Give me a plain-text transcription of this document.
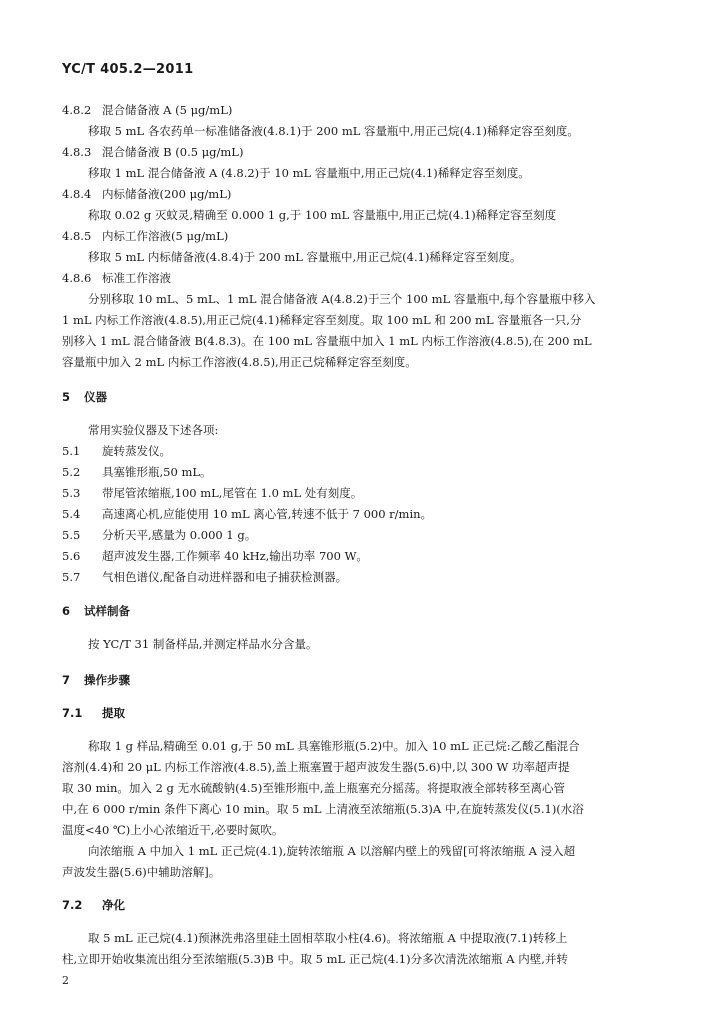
YC/T 405.2—2011
4.8.2 混合储备液 A (5 μg/mL)
移取 5 mL 各农药单一标准储备液(4.8.1)于 200 mL 容量瓶中,用正己烷(4.1)稀释定容至刻度。
4.8.3 混合储备液 B (0.5 μg/mL)
移取 1 mL 混合储备液 A (4.8.2)于 10 mL 容量瓶中,用正己烷(4.1)稀释定容至刻度。
4.8.4 内标储备液(200 μg/mL)
称取 0.02 g 灭蚊灵,精确至 0.000 1 g,于 100 mL 容量瓶中,用正己烷(4.1)稀释定容至刻度
4.8.5 内标工作溶液(5 μg/mL)
移取 5 mL 内标储备液(4.8.4)于 200 mL 容量瓶中,用正己烷(4.1)稀释定容至刻度。
4.8.6 标准工作溶液
分别移取 10 mL、5 mL、1 mL 混合储备液 A(4.8.2)于三个 100 mL 容量瓶中,每个容量瓶中移入
1 mL 内标工作溶液(4.8.5),用正己烷(4.1)稀释定容至刻度。取 100 mL 和 200 mL 容量瓶各一只,分
别移入 1 mL 混合储备液 B(4.8.3)。在 100 mL 容量瓶中加入 1 mL 内标工作溶液(4.8.5),在 200 mL
容量瓶中加入 2 mL 内标工作溶液(4.8.5),用正己烷稀释定容至刻度。
5 仪器
常用实验仪器及下述各项:
5.1 旋转蒸发仪。
5.2 具塞锥形瓶,50 mL。
5.3 带尾管浓缩瓶,100 mL,尾管在 1.0 mL 处有刻度。
5.4 高速离心机,应能使用 10 mL 离心管,转速不低于 7 000 r/min。
5.5 分析天平,感量为 0.000 1 g。
5.6 超声波发生器,工作频率 40 kHz,输出功率 700 W。
5.7 气相色谱仪,配备自动进样器和电子捕获检测器。
6 试样制备
按 YC/T 31 制备样品,并测定样品水分含量。
7 操作步骤
7.1 提取
称取 1 g 样品,精确至 0.01 g,于 50 mL 具塞锥形瓶(5.2)中。加入 10 mL 正己烷:乙酸乙酯混合
溶剂(4.4)和 20 μL 内标工作溶液(4.8.5),盖上瓶塞置于超声波发生器(5.6)中,以 300 W 功率超声提
取 30 min。加入 2 g 无水硫酸钠(4.5)至锥形瓶中,盖上瓶塞充分摇荡。将提取液全部转移至离心管
中,在 6 000 r/min 条件下离心 10 min。取 5 mL 上清液至浓缩瓶(5.3)A 中,在旋转蒸发仪(5.1)(水浴
温度<40 ℃)上小心浓缩近干,必要时氮吹。
向浓缩瓶 A 中加入 1 mL 正己烷(4.1),旋转浓缩瓶 A 以溶解内壁上的残留[可将浓缩瓶 A 浸入超
声波发生器(5.6)中辅助溶解]。
7.2 净化
取 5 mL 正己烷(4.1)预淋洗弗洛里硅土固相萃取小柱(4.6)。将浓缩瓶 A 中提取液(7.1)转移上
柱,立即开始收集流出组分至浓缩瓶(5.3)B 中。取 5 mL 正己烷(4.1)分多次清洗浓缩瓶 A 内壁,并转
2
